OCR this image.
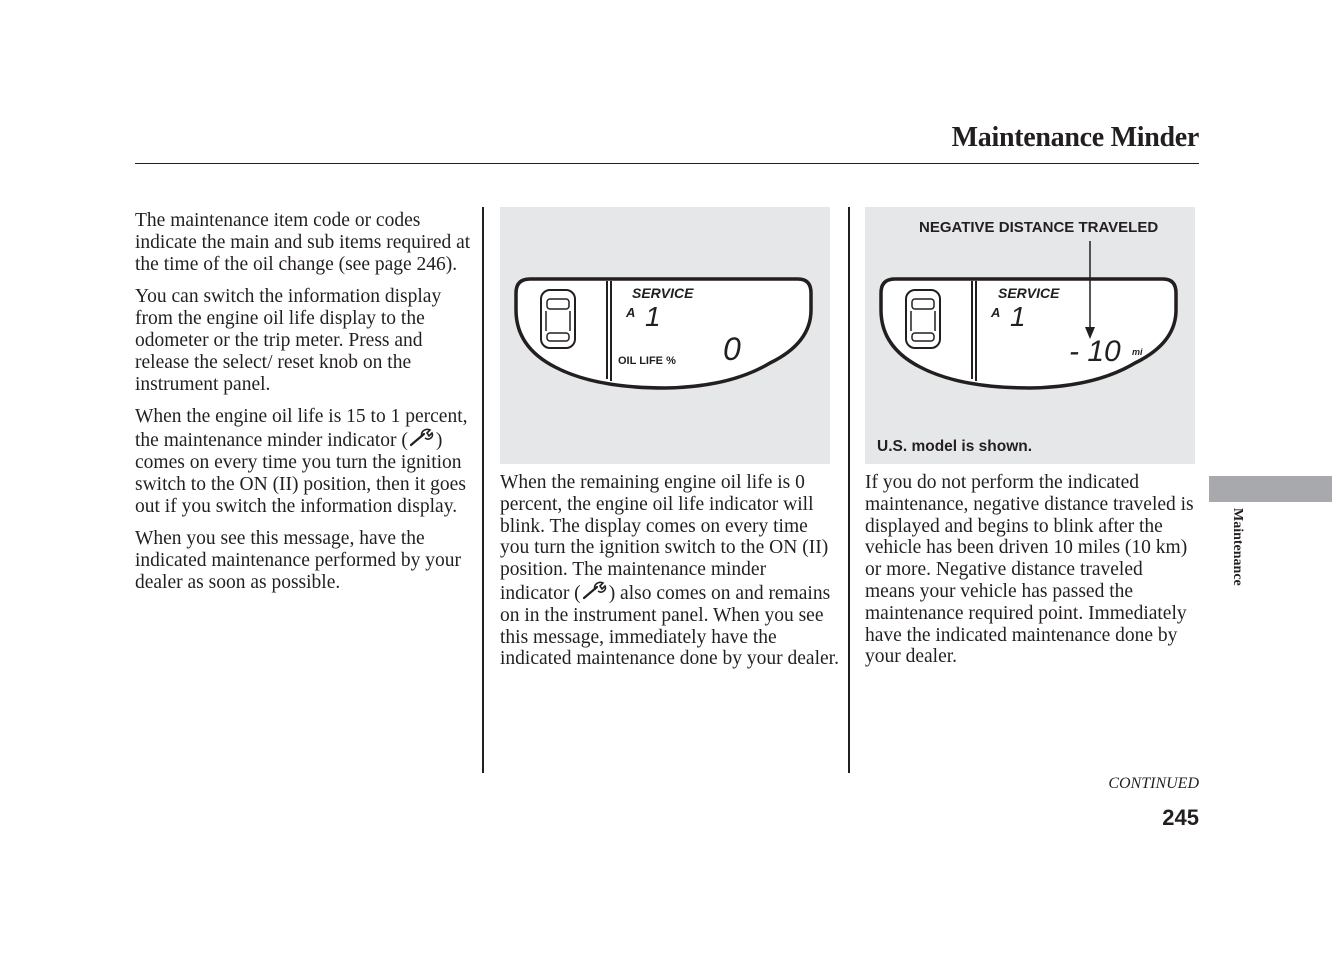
Maintenance Minder

The maintenance item code or codes indicate the main and sub items required at the time of the oil change (see page 246).

You can switch the information display from the engine oil life display to the odometer or the trip meter. Press and release the select/ reset knob on the instrument panel.

When the engine oil life is 15 to 1 percent, the maintenance minder indicator ( ) comes on every time you turn the ignition switch to the ON (II) position, then it goes out if you switch the information display.

When you see this message, have the indicated maintenance performed by your dealer as soon as possible.

SERVICE
A 1
OIL LIFE % 0

When the remaining engine oil life is 0 percent, the engine oil life indicator will blink. The display comes on every time you turn the ignition switch to the ON (II) position. The maintenance minder indicator ( ) also comes on and remains on in the instrument panel. When you see this message, immediately have the indicated maintenance done by your dealer.

SERVICE
A 1
- 10 mi
NEGATIVE DISTANCE TRAVELED
U.S. model is shown.

If you do not perform the indicated maintenance, negative distance traveled is displayed and begins to blink after the vehicle has been driven 10 miles (10 km) or more. Negative distance traveled means your vehicle has passed the maintenance required point. Immediately have the indicated maintenance done by your dealer.

Maintenance
CONTINUED
245
